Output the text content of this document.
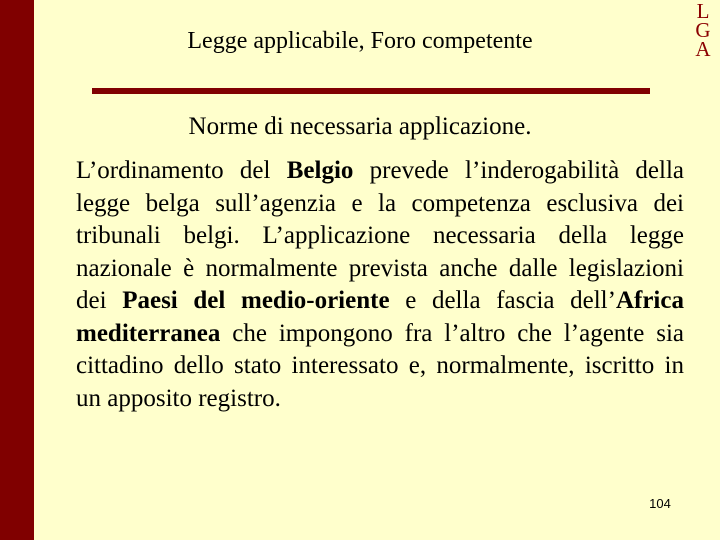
L
G
A
Legge applicabile, Foro competente
Norme di necessaria applicazione.
L’ordinamento del Belgio prevede l’inderogabilità della legge belga sull’agenzia e la competenza esclusiva dei tribunali belgi. L’applicazione necessaria della legge nazionale è normalmente prevista anche dalle legislazioni dei Paesi del medio-oriente e della fascia dell’Africa mediterranea che impongono fra l’altro che l’agente sia cittadino dello stato interessato e, normalmente, iscritto in un apposito registro.
104
